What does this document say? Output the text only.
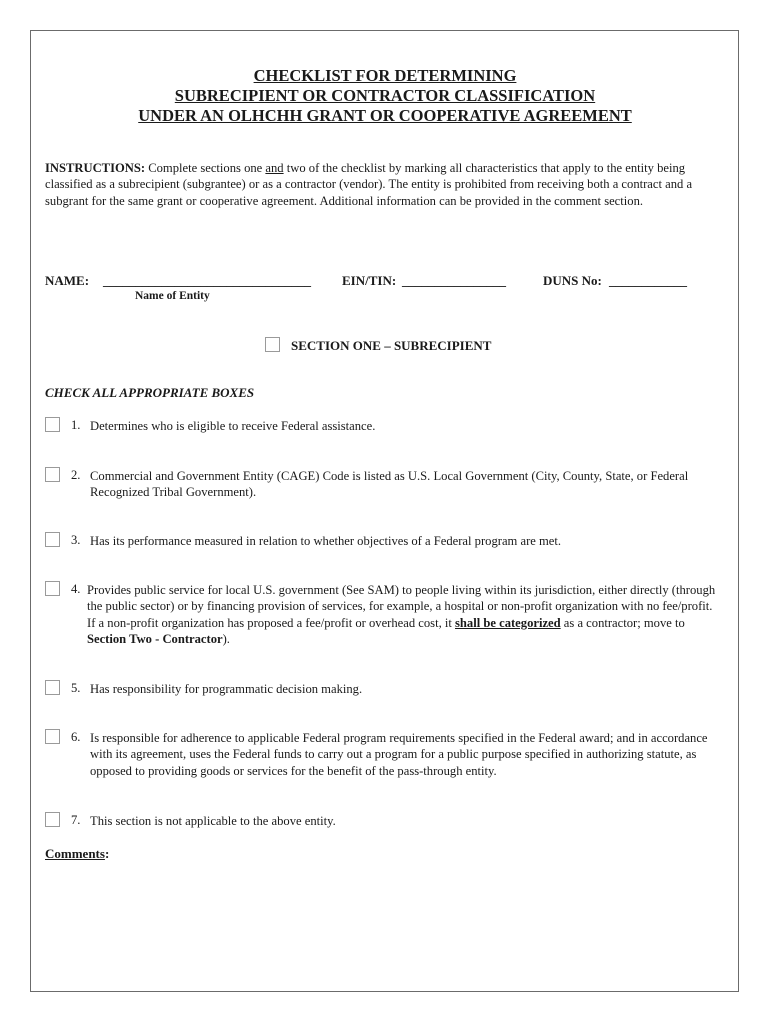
CHECKLIST FOR DETERMINING
SUBRECIPIENT OR CONTRACTOR CLASSIFICATION
UNDER AN OLHCHH GRANT OR COOPERATIVE AGREEMENT
INSTRUCTIONS: Complete sections one and two of the checklist by marking all characteristics that apply to the entity being classified as a subrecipient (subgrantee) or as a contractor (vendor). The entity is prohibited from receiving both a contract and a subgrant for the same grant or cooperative agreement. Additional information can be provided in the comment section.
NAME: ________________________________ EIN/TIN: ________________	DUNS No: ____________
Name of Entity
SECTION ONE – SUBRECIPIENT
CHECK ALL APPROPRIATE BOXES
1. Determines who is eligible to receive Federal assistance.
2. Commercial and Government Entity (CAGE) Code is listed as U.S. Local Government (City, County, State, or Federal Recognized Tribal Government).
3. Has its performance measured in relation to whether objectives of a Federal program are met.
4. Provides public service for local U.S. government (See SAM) to people living within its jurisdiction, either directly (through the public sector) or by financing provision of services, for example, a hospital or non-profit organization with no fee/profit. If a non-profit organization has proposed a fee/profit or overhead cost, it shall be categorized as a contractor; move to Section Two - Contractor).
5. Has responsibility for programmatic decision making.
6. Is responsible for adherence to applicable Federal program requirements specified in the Federal award; and in accordance with its agreement, uses the Federal funds to carry out a program for a public purpose specified in authorizing statute, as opposed to providing goods or services for the benefit of the pass-through entity.
7. This section is not applicable to the above entity.
Comments:
